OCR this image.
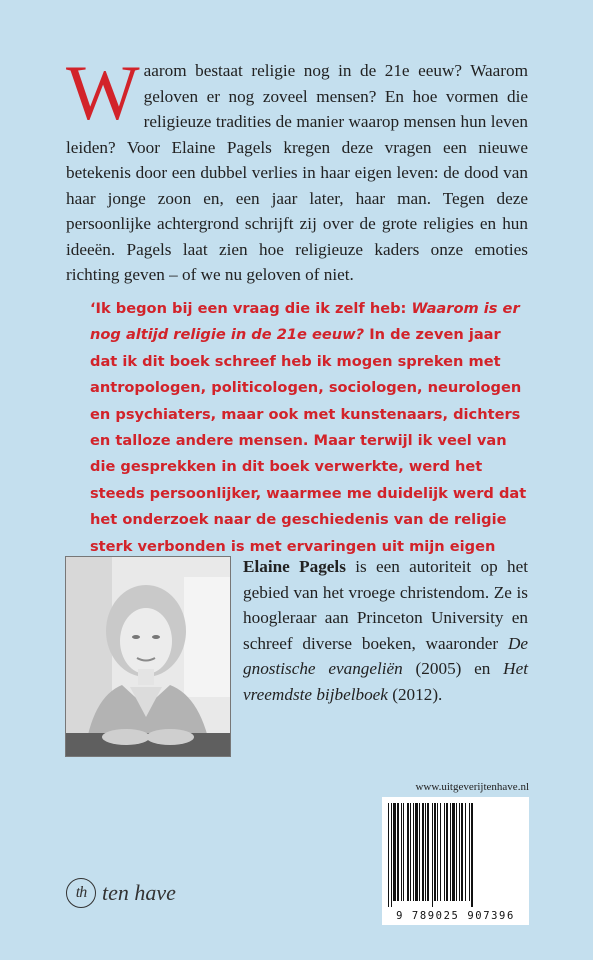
Waarom bestaat religie nog in de 21e eeuw? Waarom geloven er nog zoveel mensen? En hoe vormen die religieuze tradities de manier waarop mensen hun leven leiden? Voor Elaine Pagels kregen deze vragen een nieuwe betekenis door een dubbel verlies in haar eigen leven: de dood van haar jonge zoon en, een jaar later, haar man. Tegen deze persoonlijke achtergrond schrijft zij over de grote religies en hun ideeën. Pagels laat zien hoe religieuze kaders onze emoties richting geven – of we nu geloven of niet.
‘Ik begon bij een vraag die ik zelf heb: Waarom is er nog altijd religie in de 21e eeuw? In de zeven jaar dat ik dit boek schreef heb ik mogen spreken met antropologen, politicologen, sociologen, neurologen en psychiaters, maar ook met kunstenaars, dichters en talloze andere mensen. Maar terwijl ik veel van die gesprekken in dit boek verwerkte, werd het steeds persoonlijker, waarmee me duidelijk werd dat het onderzoek naar de geschiedenis van de religie sterk verbonden is met ervaringen uit mijn eigen
Elaine Pagels is een autoriteit op het gebied van het vroege christendom. Ze is hoogleraar aan Princeton University en schreef diverse boeken, waaronder De gnostische evangeliën (2005) en Het vreemdste bijbelboek (2012).
www.uitgeverijtenhave.nl
9 789025 907396
th ten have
